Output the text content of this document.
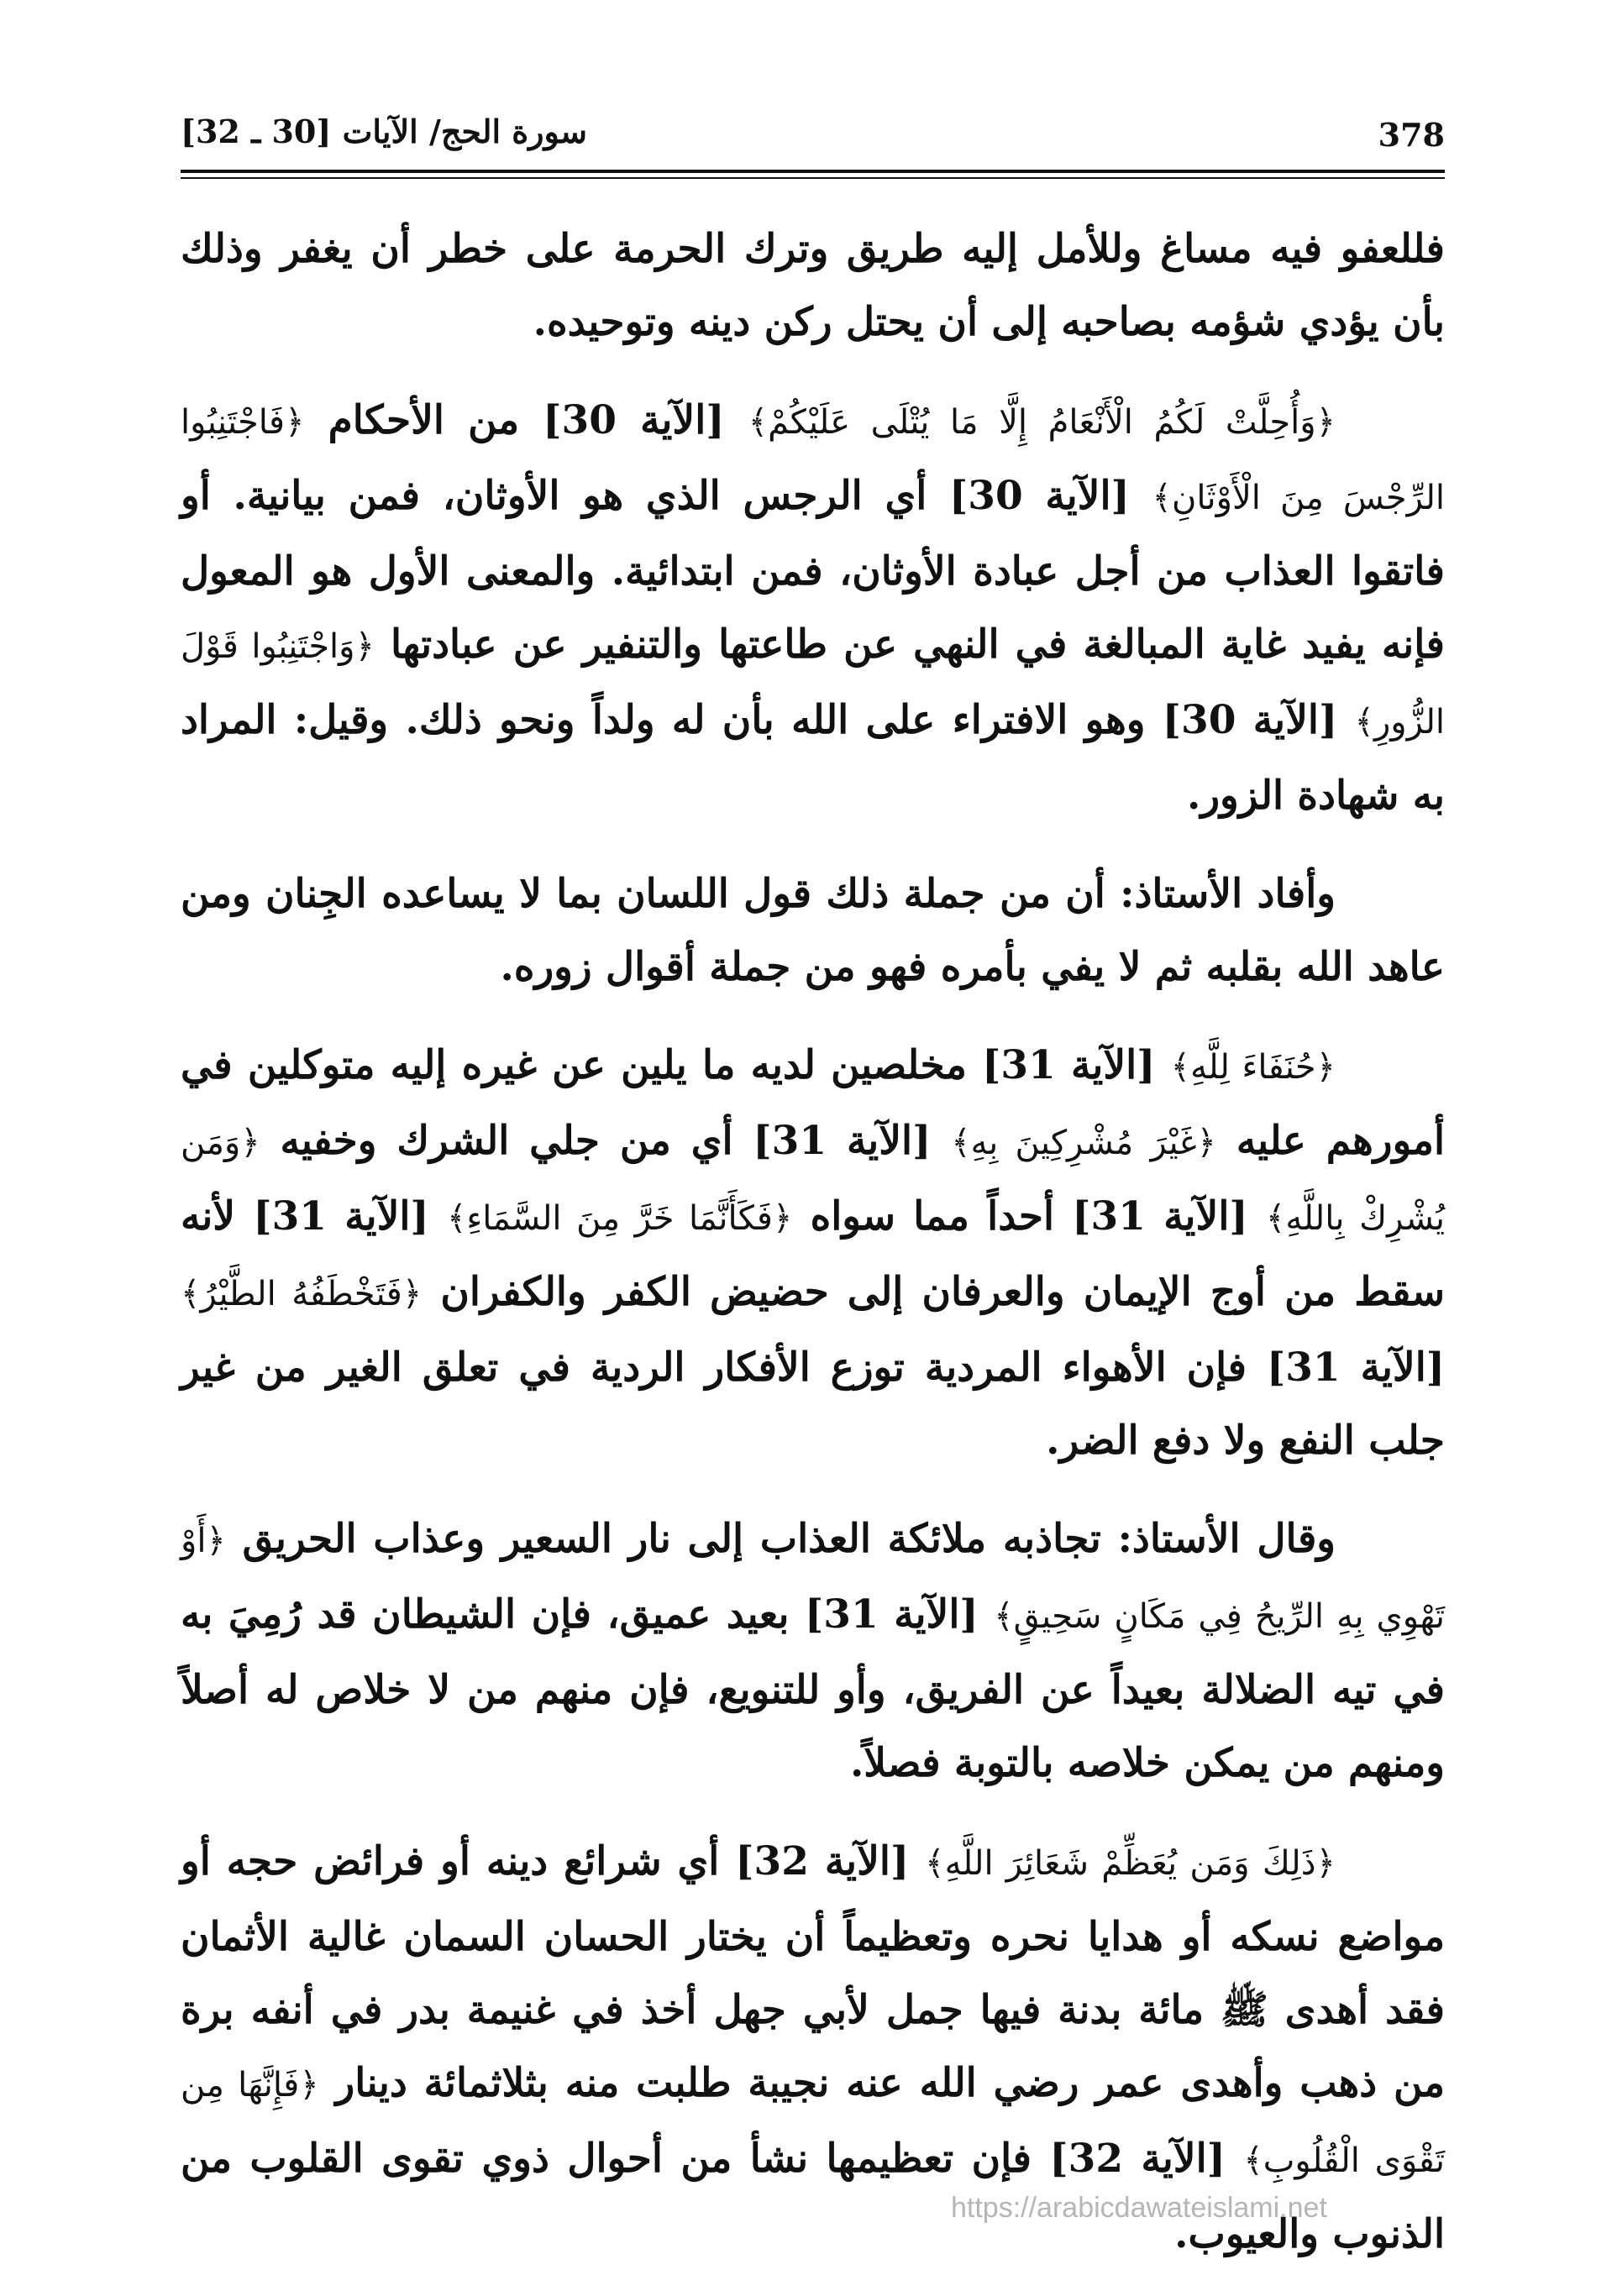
378
سورة الحج/ الآيات [30 ـ 32]

فللعفو فيه مساغ وللأمل إليه طريق وترك الحرمة على خطر أن يغفر وذلك بأن يؤدي شؤمه بصاحبه إلى أن يحتل ركن دينه وتوحيده.

﴿وَأُحِلَّتْ لَكُمُ الْأَنْعَامُ إِلَّا مَا يُتْلَى عَلَيْكُمْ﴾ [الآية 30] من الأحكام ﴿فَاجْتَنِبُوا الرِّجْسَ مِنَ الْأَوْثَانِ﴾ [الآية 30] أي الرجس الذي هو الأوثان، فمن بيانية. أو فاتقوا العذاب من أجل عبادة الأوثان، فمن ابتدائية. والمعنى الأول هو المعول فإنه يفيد غاية المبالغة في النهي عن طاعتها والتنفير عن عبادتها ﴿وَاجْتَنِبُوا قَوْلَ الزُّورِ﴾ [الآية 30] وهو الافتراء على الله بأن له ولداً ونحو ذلك. وقيل: المراد به شهادة الزور.

وأفاد الأستاذ: أن من جملة ذلك قول اللسان بما لا يساعده الجِنان ومن عاهد الله بقلبه ثم لا يفي بأمره فهو من جملة أقوال زوره.

﴿حُنَفَاءَ لِلَّهِ﴾ [الآية 31] مخلصين لديه ما يلين عن غيره إليه متوكلين في أمورهم عليه ﴿غَيْرَ مُشْرِكِينَ بِهِ﴾ [الآية 31] أي من جلي الشرك وخفيه ﴿وَمَن يُشْرِكْ بِاللَّهِ﴾ [الآية 31] أحداً مما سواه ﴿فَكَأَنَّمَا خَرَّ مِنَ السَّمَاءِ﴾ [الآية 31] لأنه سقط من أوج الإيمان والعرفان إلى حضيض الكفر والكفران ﴿فَتَخْطَفُهُ الطَّيْرُ﴾ [الآية 31] فإن الأهواء المردية توزع الأفكار الردية في تعلق الغير من غير جلب النفع ولا دفع الضر.

وقال الأستاذ: تجاذبه ملائكة العذاب إلى نار السعير وعذاب الحريق ﴿أَوْ تَهْوِي بِهِ الرِّيحُ فِي مَكَانٍ سَحِيقٍ﴾ [الآية 31] بعيد عميق، فإن الشيطان قد رُمِيَ به في تيه الضلالة بعيداً عن الفريق، وأو للتنويع، فإن منهم من لا خلاص له أصلاً ومنهم من يمكن خلاصه بالتوبة فصلاً.

﴿ذَلِكَ وَمَن يُعَظِّمْ شَعَائِرَ اللَّهِ﴾ [الآية 32] أي شرائع دينه أو فرائض حجه أو مواضع نسكه أو هدايا نحره وتعظيماً أن يختار الحسان السمان غالية الأثمان فقد أهدى ﷺ مائة بدنة فيها جمل لأبي جهل أخذ في غنيمة بدر في أنفه برة من ذهب وأهدى عمر رضي الله عنه نجيبة طلبت منه بثلاثمائة دينار ﴿فَإِنَّهَا مِن تَقْوَى الْقُلُوبِ﴾ [الآية 32] فإن تعظيمها نشأ من أحوال ذوي تقوى القلوب من الذنوب والعيوب.

https://arabicdawateislami.net
